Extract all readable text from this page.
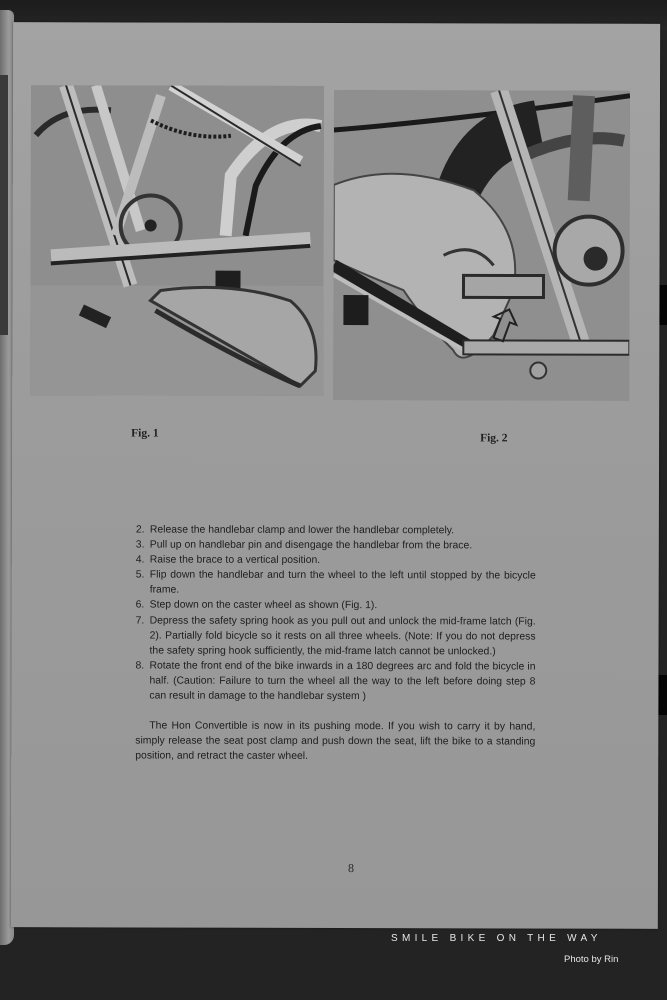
Fig. 1	Fig. 2
2. Release the handlebar clamp and lower the handlebar completely.
3. Pull up on handlebar pin and disengage the handlebar from the brace.
4. Raise the brace to a vertical position.
5. Flip down the handlebar and turn the wheel to the left until stopped by the bicycle frame.
6. Step down on the caster wheel as shown (Fig. 1).
7. Depress the safety spring hook as you pull out and unlock the mid-frame latch (Fig. 2). Partially fold bicycle so it rests on all three wheels. (Note: If you do not depress the safety spring hook sufficiently, the mid-frame latch cannot be unlocked.)
8. Rotate the front end of the bike inwards in a 180 degrees arc and fold the bicycle in half. (Caution: Failure to turn the wheel all the way to the left before doing step 8 can result in damage to the handlebar system )

The Hon Convertible is now in its pushing mode. If you wish to carry it by hand, simply release the seat post clamp and push down the seat, lift the bike to a standing position, and retract the caster wheel.

8
SMILE BIKE ON THE WAY
Photo by Rin
